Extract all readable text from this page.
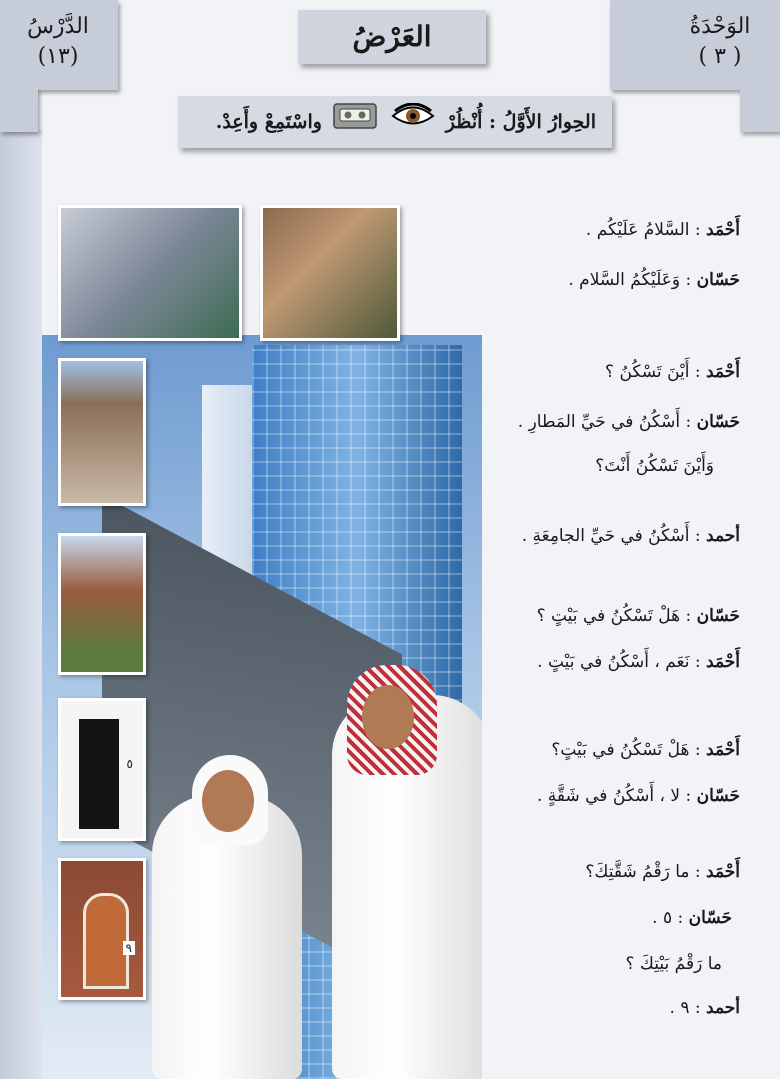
الدَّرْسُ
(١٣)
الوَحْدَةُ
( ٣ )
العَرْضُ
الحِوارُ الأَوَّلُ : أُنْظُرْ   واسْتَمِعْ وأَعِدْ.
٥
٩
أَحْمَد : السَّلامُ عَلَيْكُم .
حَسّان : وَعَلَيْكُمُ السَّلام .
أَحْمَد : أَيْنَ تَسْكُنُ ؟
حَسّان : أَسْكُنُ في حَيِّ المَطارِ .
وَأَيْنَ تَسْكُنُ أَنْتَ؟
أحمد : أَسْكُنُ في حَيِّ الجامِعَةِ .
حَسّان : هَلْ تَسْكُنُ في بَيْتٍ ؟
أَحْمَد : نَعَم ، أَسْكُنُ في بَيْتٍ .
أَحْمَد : هَلْ تَسْكُنُ في بَيْتٍ؟
حَسّان : لا ، أَسْكُنُ في شَقَّةٍ .
أَحْمَد : ما رَقْمُ شَقَّتِكَ؟
حَسّان : ٥ .
ما رَقْمُ بَيْتِكَ ؟
أحمد : ٩ .
